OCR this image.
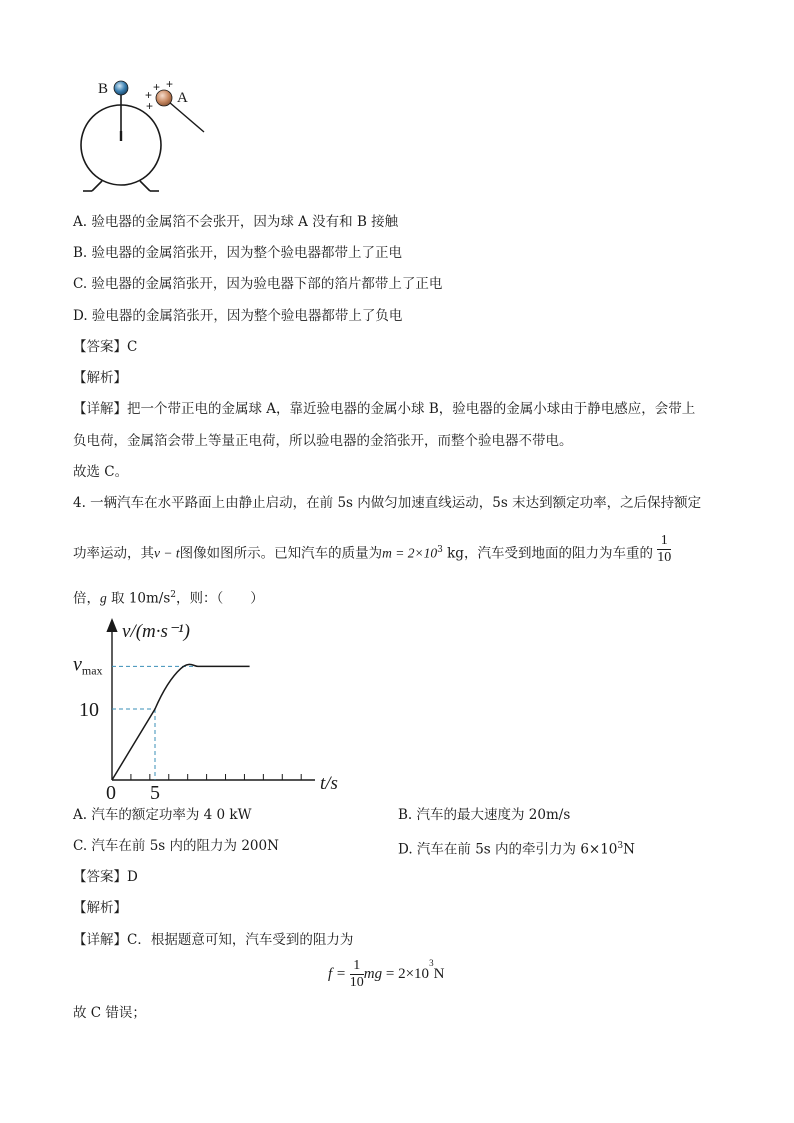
B
A
+ +
+
+
A. 验电器的金属箔不会张开，因为球 A 没有和 B 接触
B. 验电器的金属箔张开，因为整个验电器都带上了正电
C. 验电器的金属箔张开，因为验电器下部的箔片都带上了正电
D. 验电器的金属箔张开，因为整个验电器都带上了负电
【答案】C
【解析】
【详解】把一个带正电的金属球 A，靠近验电器的金属小球 B，验电器的金属小球由于静电感应，会带上
负电荷，金属箔会带上等量正电荷，所以验电器的金箔张开，而整个验电器不带电。
故选 C。
4. 一辆汽车在水平路面上由静止启动，在前 5s 内做匀加速直线运动，5s 末达到额定功率，之后保持额定
功率运动，其v − t图像如图所示。已知汽车的质量为$m = 2\times 10^3$ kg，汽车受到地面的阻力为车重的 $\frac{1}{10}$
倍，g 取 $10m/s^2$，则：（　　）
v/(m·s⁻¹)
$v_{max}$
10
0 5	t/s
A. 汽车的额定功率为 4 0 kW	B. 汽车的最大速度为 20m/s
C. 汽车在前 5s 内的阻力为 200N	D. 汽车在前 5s 内的牵引力为 $6\times 10^3N$
【答案】D
【解析】
【详解】C．根据题意可知，汽车受到的阻力为
$f = \frac{1}{10}$ mg = $2\times 10^3N$
故 C 错误；
